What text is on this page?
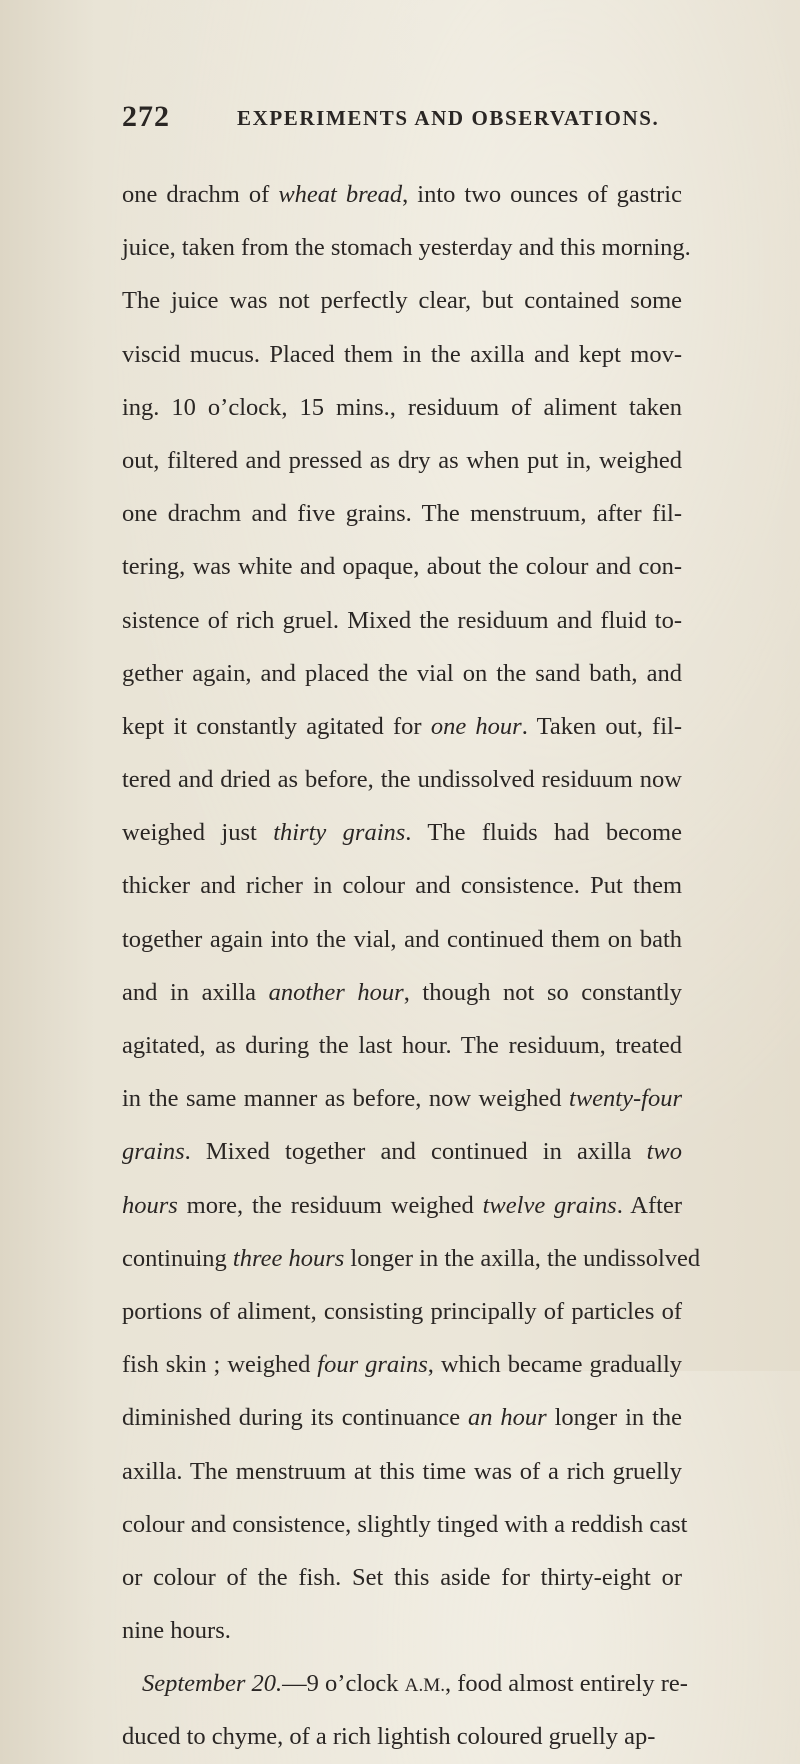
272	EXPERIMENTS AND OBSERVATIONS.
one drachm of wheat bread, into two ounces of gastric
juice, taken from the stomach yesterday and this morning.
The juice was not perfectly clear, but contained some
viscid mucus. Placed them in the axilla and kept mov-
ing. 10 o’clock, 15 mins., residuum of aliment taken
out, filtered and pressed as dry as when put in, weighed
one drachm and five grains. The menstruum, after fil-
tering, was white and opaque, about the colour and con-
sistence of rich gruel. Mixed the residuum and fluid to-
gether again, and placed the vial on the sand bath, and
kept it constantly agitated for one hour. Taken out, fil-
tered and dried as before, the undissolved residuum now
weighed just thirty grains. The fluids had become
thicker and richer in colour and consistence. Put them
together again into the vial, and continued them on bath
and in axilla another hour, though not so constantly
agitated, as during the last hour. The residuum, treated
in the same manner as before, now weighed twenty-four
grains. Mixed together and continued in axilla two
hours more, the residuum weighed twelve grains. After
continuing three hours longer in the axilla, the undissolved
portions of aliment, consisting principally of particles of
fish skin ; weighed four grains, which became gradually
diminished during its continuance an hour longer in the
axilla. The menstruum at this time was of a rich gruelly
colour and consistence, slightly tinged with a reddish cast
or colour of the fish. Set this aside for thirty-eight or
nine hours.
September 20.—9 o’clock A.M., food almost entirely re-
duced to chyme, of a rich lightish coloured gruelly ap-
